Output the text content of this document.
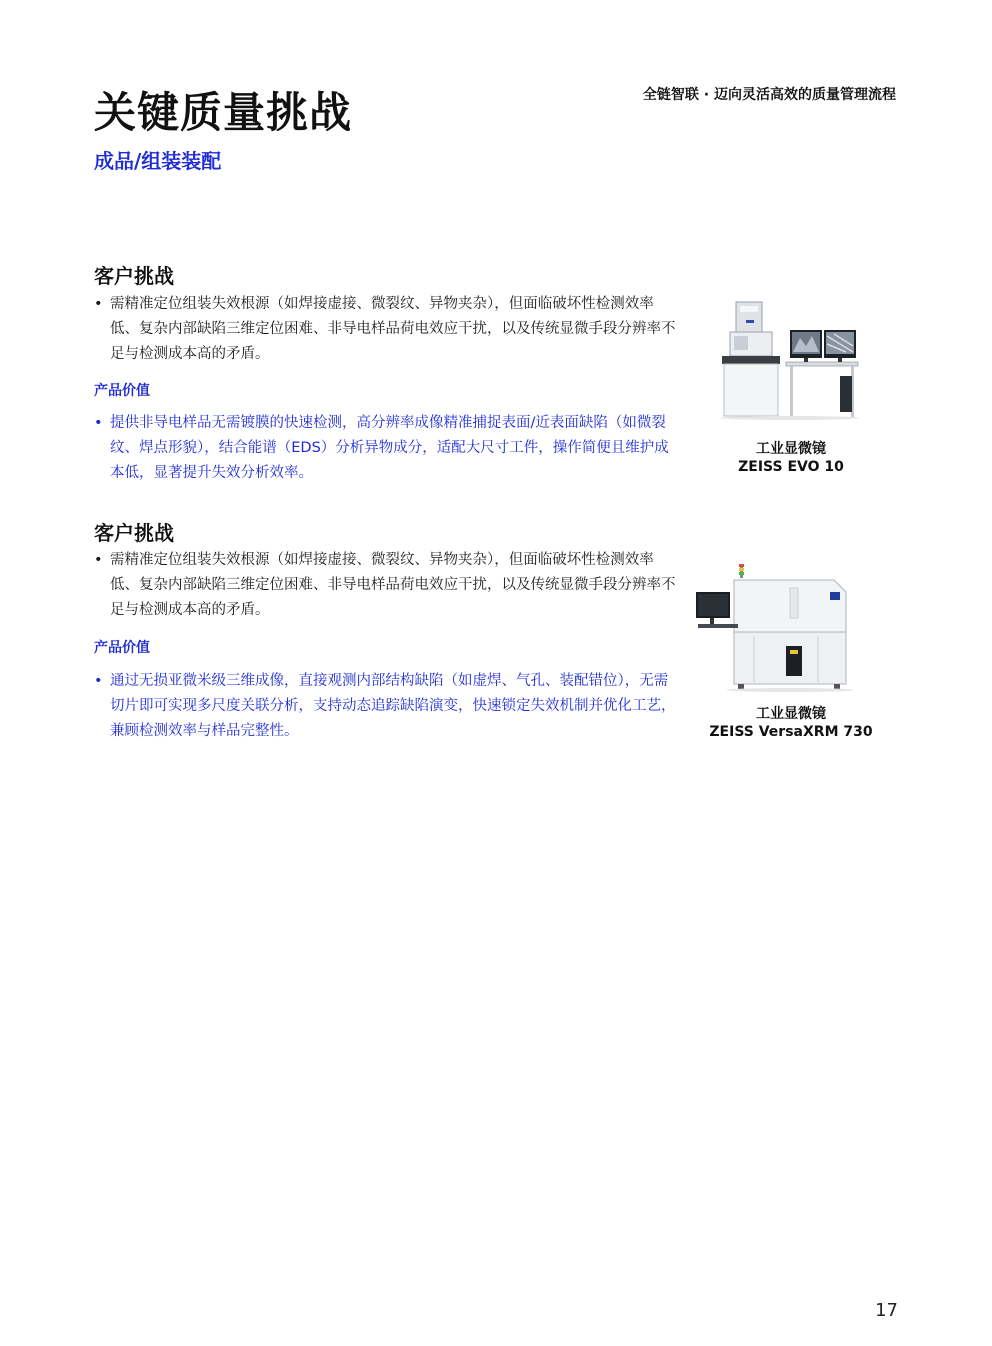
关键质量挑战	全链智联 · 迈向灵活高效的质量管理流程
成品/组装装配
客户挑战
• 需精准定位组装失效根源（如焊接虚接、微裂纹、异物夹杂），但面临破坏性检测效率低、复杂内部缺陷三维定位困难、非导电样品荷电效应干扰，以及传统显微手段分辨率不足与检测成本高的矛盾。
产品价值
• 提供非导电样品无需镀膜的快速检测，高分辨率成像精准捕捉表面/近表面缺陷（如微裂纹、焊点形貌），结合能谱（EDS）分析异物成分，适配大尺寸工件，操作简便且维护成本低，显著提升失效分析效率。
工业显微镜
ZEISS EVO 10
客户挑战
• 需精准定位组装失效根源（如焊接虚接、微裂纹、异物夹杂），但面临破坏性检测效率低、复杂内部缺陷三维定位困难、非导电样品荷电效应干扰，以及传统显微手段分辨率不足与检测成本高的矛盾。
产品价值
• 通过无损亚微米级三维成像，直接观测内部结构缺陷（如虚焊、气孔、装配错位），无需切片即可实现多尺度关联分析，支持动态追踪缺陷演变，快速锁定失效机制并优化工艺，兼顾检测效率与样品完整性。
工业显微镜
ZEISS VersaXRM 730
17
